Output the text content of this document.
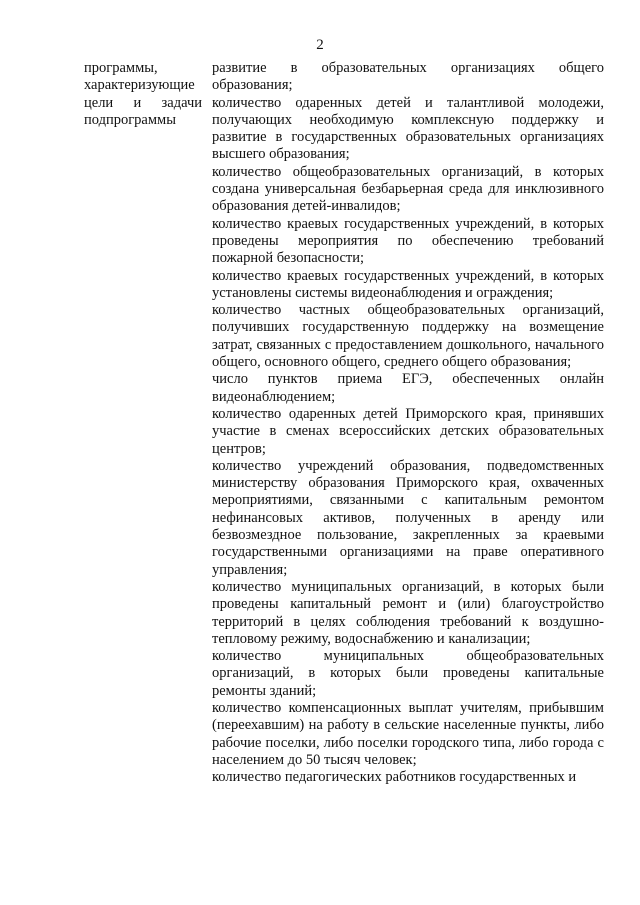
2
программы,
характеризующие
цели и задачи
подпрограммы
развитие в образовательных организациях общего образования;
количество одаренных детей и талантливой молодежи, получающих необходимую комплексную поддержку и развитие в государственных образовательных организациях высшего образования;
количество общеобразовательных организаций, в которых создана универсальная безбарьерная среда для инклюзивного образования детей-инвалидов;
количество краевых государственных учреждений, в которых проведены мероприятия по обеспечению требований пожарной безопасности;
количество краевых государственных учреждений, в которых установлены системы видеонаблюдения и ограждения;
количество частных общеобразовательных организаций, получивших государственную поддержку на возмещение затрат, связанных с предоставлением дошкольного, начального общего, основного общего, среднего общего образования;
число пунктов приема ЕГЭ, обеспеченных онлайн видеонаблюдением;
количество одаренных детей Приморского края, принявших участие в сменах всероссийских детских образовательных центров;
количество учреждений образования, подведомственных министерству образования Приморского края, охваченных мероприятиями, связанными с капитальным ремонтом нефинансовых активов, полученных в аренду или безвозмездное пользование, закрепленных за краевыми государственными организациями на праве оперативного управления;
количество муниципальных организаций, в которых были проведены капитальный ремонт и (или) благоустройство территорий в целях соблюдения требований к воздушно-тепловому режиму, водоснабжению и канализации;
количество муниципальных общеобразовательных организаций, в которых были проведены капитальные ремонты зданий;
количество компенсационных выплат учителям, прибывшим (переехавшим) на работу в сельские населенные пункты, либо рабочие поселки, либо поселки городского типа, либо города с населением до 50 тысяч человек;
количество педагогических работников государственных и
